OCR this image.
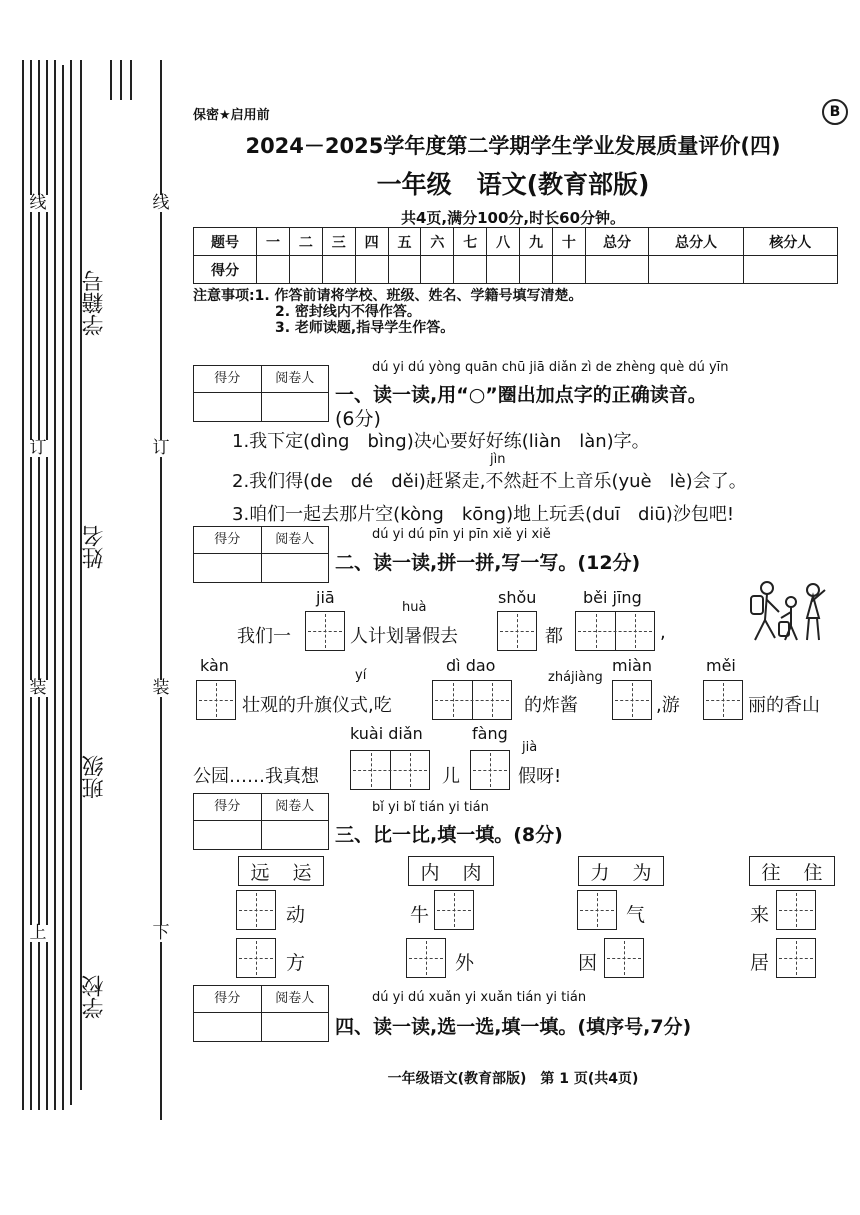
线
订
装
上
线
订
装
下
学籍号
姓名
班级
学校
保密★启用前	B
2024－2025学年度第二学期学生学业发展质量评价(四)
一年级　语文(教育部版)
共4页,满分100分,时长60分钟。
题号	一	二	三	四	五	六	七	八	九	十	总分	总分人	核分人
得分													
注意事项:1. 作答前请将学校、班级、姓名、学籍号填写清楚。
2. 密封线内不得作答。
3. 老师读题,指导学生作答。
得分	阅卷人
dú yi dú yòng quān chū jiā diǎn zì de zhèng què dú yīn
一、读一读,用“○”圈出加点字的正确读音。
(6分)
1.我下定(dìng　bìng)决心要好好练(liàn　làn)字。
jìn
2.我们得(de　dé　děi)赶紧走,不然赶不上音乐(yuè　lè)会了。
3.咱们一起去那片空(kòng　kōng)地上玩丢(duī　diū)沙包吧!
得分	阅卷人	dú yi dú pīn yi pīn xiě yi xiě
二、读一读,拼一拼,写一写。(12分)
jiā
huà
shǒu	běi jīng
我们一	人计划暑假去	都	,
kàn
yí
dì dao
zhájiàng
miàn	měi
壮观的升旗仪式,吃	的炸酱	,游	丽的香山
kuài diǎn	fàng
jià
公园……我真想	儿	假呀!
得分	阅卷人	bǐ yi bǐ tián yi tián
三、比一比,填一填。(8分)
远 运
动
方
内 肉
牛
外
力 为
气
因
往 住
来
居
得分	阅卷人	dú yi dú xuǎn yi xuǎn tián yi tián
四、读一读,选一选,填一填。(填序号,7分)
一年级语文(教育部版)　第 1 页(共4页)
